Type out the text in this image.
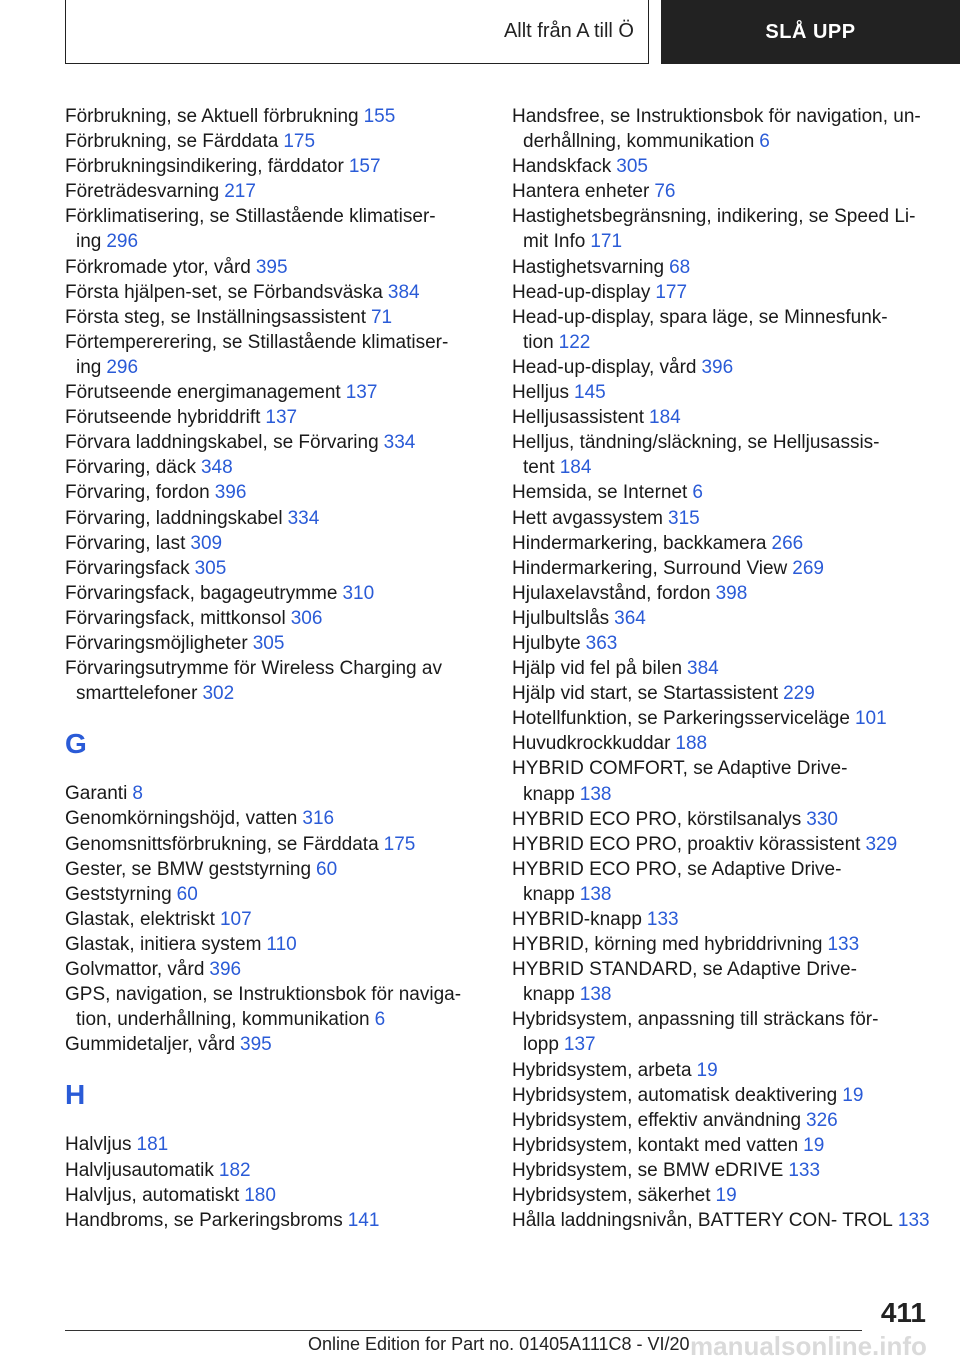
Allt från A till Ö	SLÅ UPP
Förbrukning, se Aktuell förbrukning 155
Förbrukning, se Färddata 175
Förbrukningsindikering, färddator 157
Företrädesvarning 217
Förklimatisering, se Stillastående klimatiser- ing 296
Förkromade ytor, vård 395
Första hjälpen-set, se Förbandsväska 384
Första steg, se Inställningsassistent 71
Förtempererering, se Stillastående klimatiser- ing 296
Förutseende energimanagement 137
Förutseende hybriddrift 137
Förvara laddningskabel, se Förvaring 334
Förvaring, däck 348
Förvaring, fordon 396
Förvaring, laddningskabel 334
Förvaring, last 309
Förvaringsfack 305
Förvaringsfack, bagageutrymme 310
Förvaringsfack, mittkonsol 306
Förvaringsmöjligheter 305
Förvaringsutrymme för Wireless Charging av smarttelefoner 302
G
Garanti 8
Genomkörningshöjd, vatten 316
Genomsnittsförbrukning, se Färddata 175
Gester, se BMW geststyrning 60
Geststyrning 60
Glastak, elektriskt 107
Glastak, initiera system 110
Golvmattor, vård 396
GPS, navigation, se Instruktionsbok för naviga- tion, underhållning, kommunikation 6
Gummidetaljer, vård 395
H
Halvljus 181
Halvljusautomatik 182
Halvljus, automatiskt 180
Handbroms, se Parkeringsbroms 141
Handsfree, se Instruktionsbok för navigation, un- derhållning, kommunikation 6
Handskfack 305
Hantera enheter 76
Hastighetsbegränsning, indikering, se Speed Li- mit Info 171
Hastighetsvarning 68
Head-up-display 177
Head-up-display, spara läge, se Minnesfunk- tion 122
Head-up-display, vård 396
Helljus 145
Helljusassistent 184
Helljus, tändning/släckning, se Helljusassis- tent 184
Hemsida, se Internet 6
Hett avgassystem 315
Hindermarkering, backkamera 266
Hindermarkering, Surround View 269
Hjulaxelavstånd, fordon 398
Hjulbultslås 364
Hjulbyte 363
Hjälp vid fel på bilen 384
Hjälp vid start, se Startassistent 229
Hotellfunktion, se Parkeringsserviceläge 101
Huvudkrockkuddar 188
HYBRID COMFORT, se Adaptive Drive- knapp 138
HYBRID ECO PRO, körstilsanalys 330
HYBRID ECO PRO, proaktiv körassistent 329
HYBRID ECO PRO, se Adaptive Drive- knapp 138
HYBRID-knapp 133
HYBRID, körning med hybriddrivning 133
HYBRID STANDARD, se Adaptive Drive- knapp 138
Hybridsystem, anpassning till sträckans för- lopp 137
Hybridsystem, arbeta 19
Hybridsystem, automatisk deaktivering 19
Hybridsystem, effektiv användning 326
Hybridsystem, kontakt med vatten 19
Hybridsystem, se BMW eDRIVE 133
Hybridsystem, säkerhet 19
Hålla laddningsnivån, BATTERY CON- TROL 133
411
Online Edition for Part no. 01405A111C8 - VI/20 manualsonline.info
